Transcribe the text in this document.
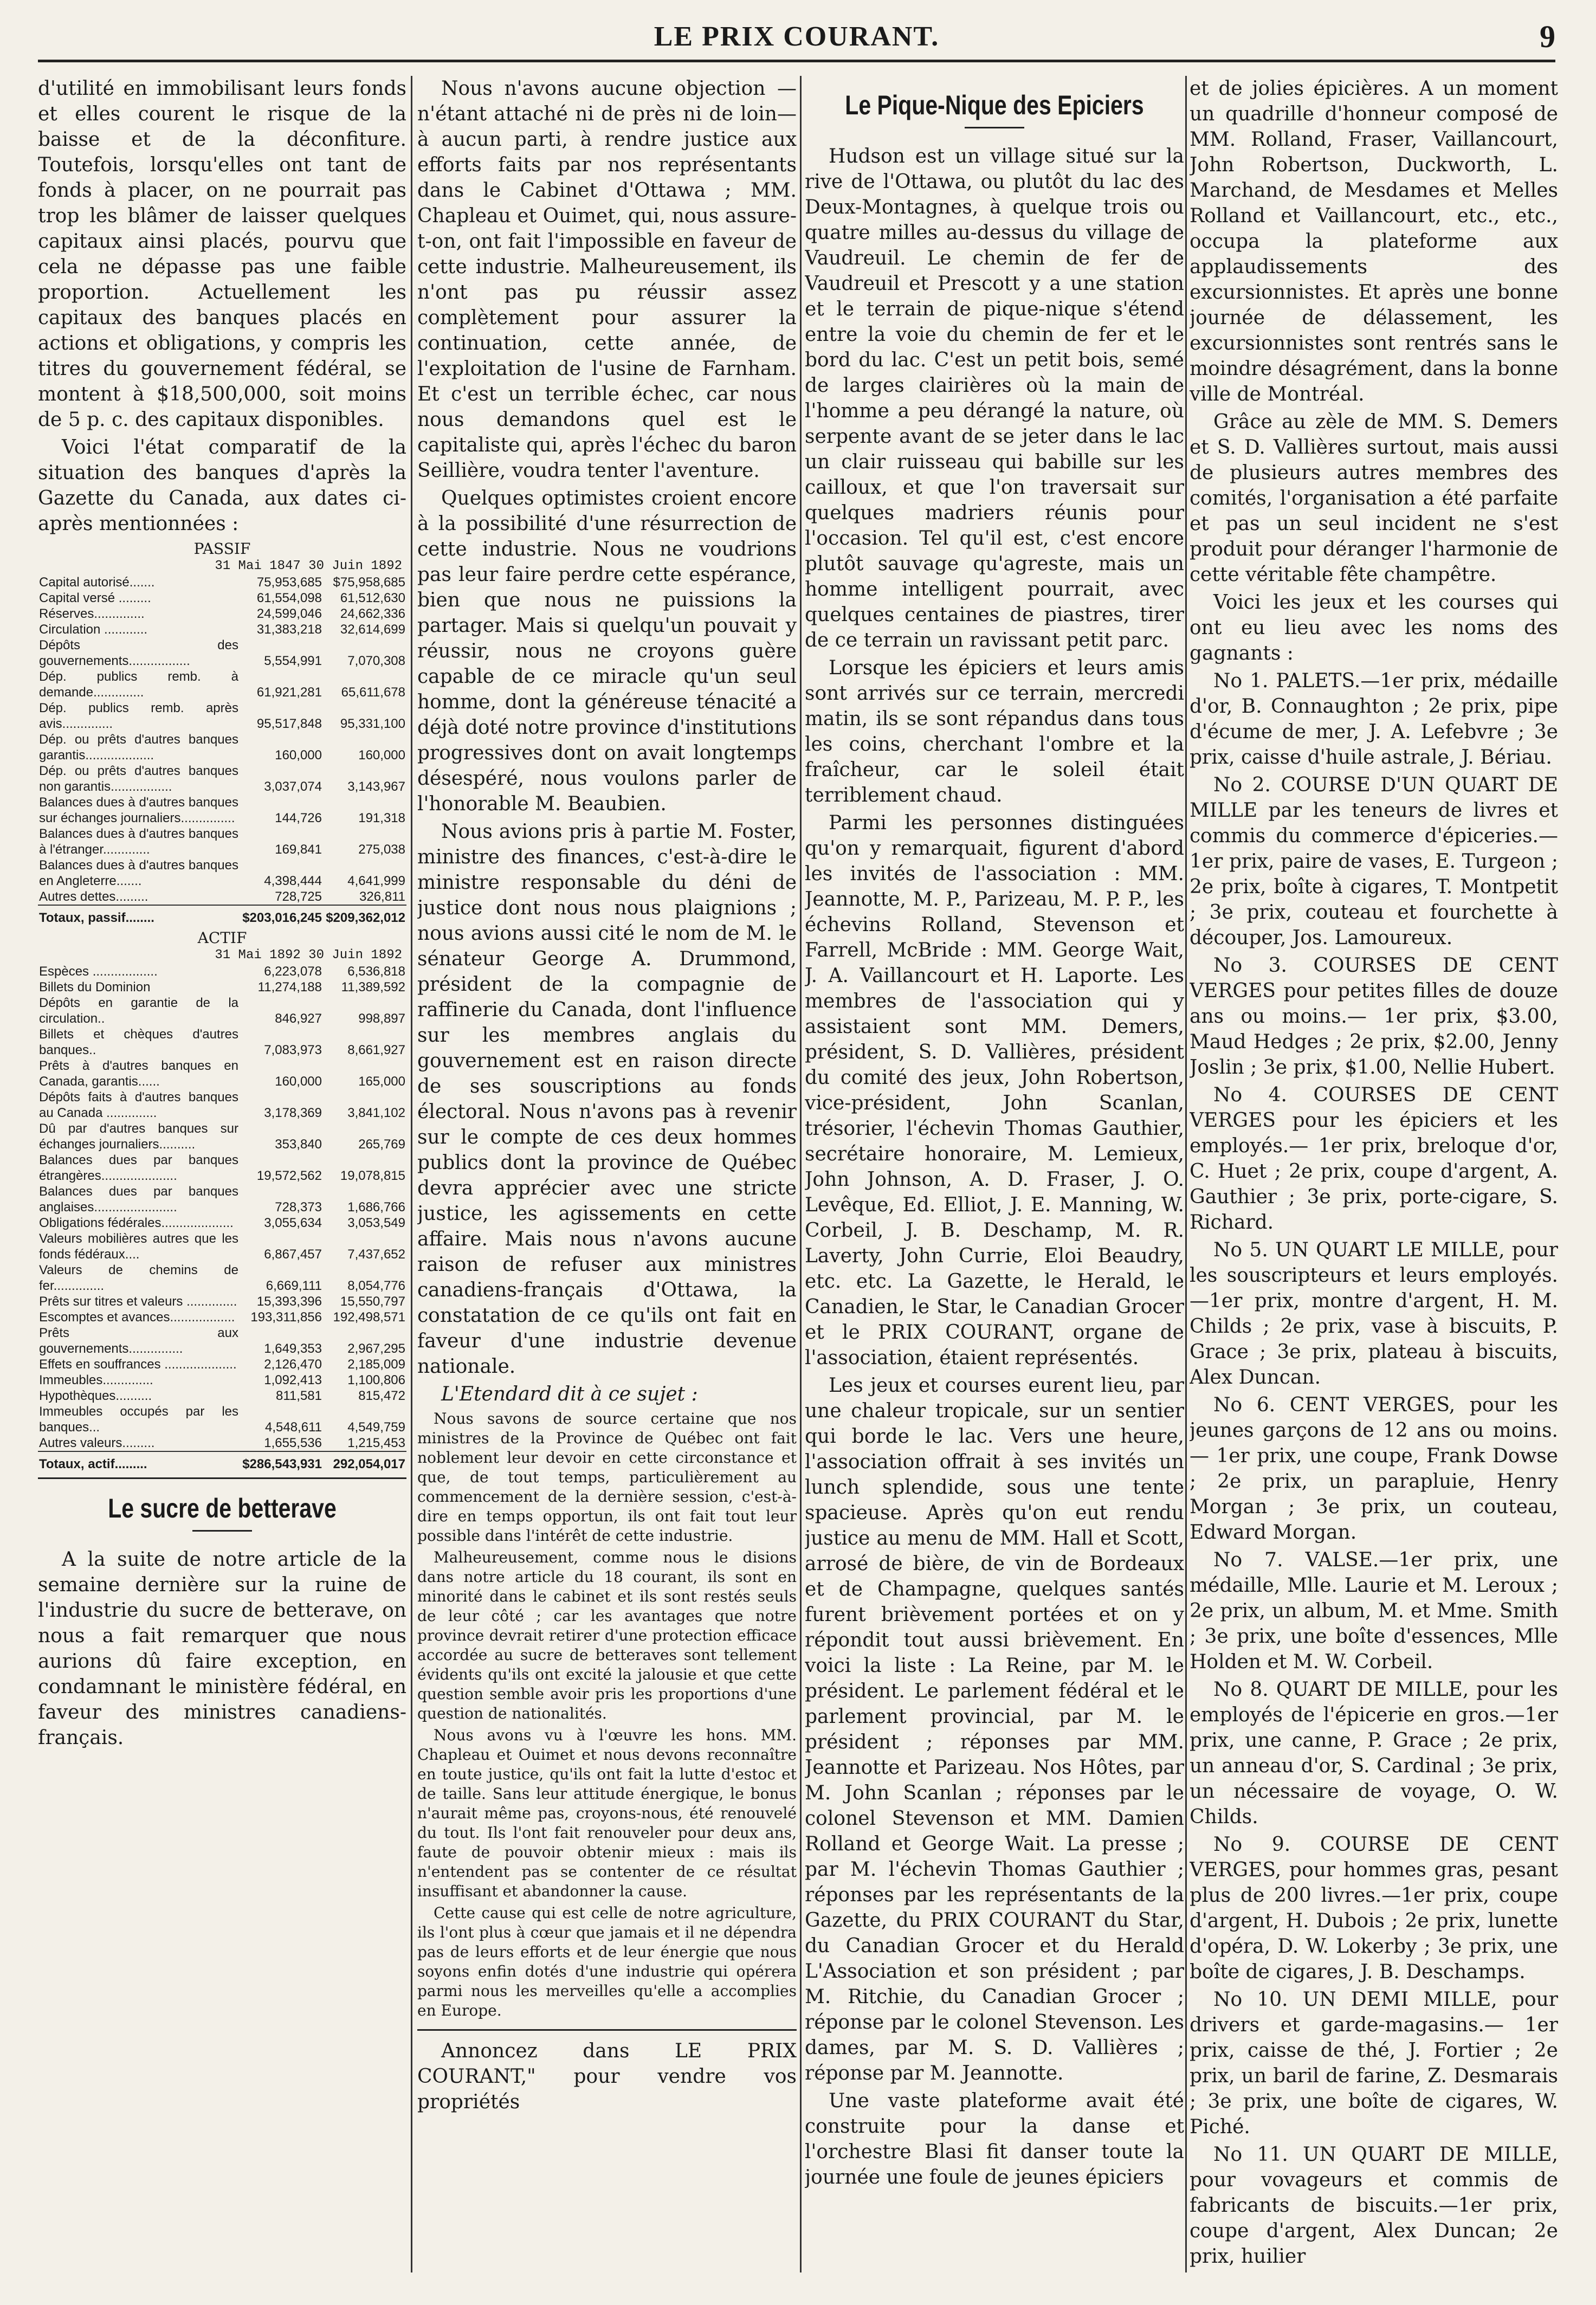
LE PRIX COURANT.	9

d'utilité en immobilisant leurs fonds et elles courent le risque de la baisse et de la déconfiture. Toutefois, lorsqu'elles ont tant de fonds à placer, on ne pourrait pas trop les blâmer de laisser quelques capitaux ainsi placés, pourvu que cela ne dépasse pas une faible proportion. Actuellement les capitaux des banques placés en actions et obligations, y compris les titres du gouvernement fédéral, se montent à $18,500,000, soit moins de 5 p. c. des capitaux disponibles.

Voici l'état comparatif de la situation des banques d'après la Gazette du Canada, aux dates ci-après mentionnées :

PASSIF
31 Mai 1847 30 Juin 1892
Capital autorisé.......	75,953,685	$75,958,685
Capital versé .........	61,554,098	61,512,630
Réserves..............	24,599,046	24,662,336
Circulation ............	31,383,218	32,614,699
Dépôts des gouvernements.................	5,554,991	7,070,308
Dép. publics remb. à demande..............	61,921,281	65,611,678
Dép. publics remb. après avis..............	95,517,848	95,331,100
Dép. ou prêts d'autres banques garantis...................	160,000	160,000
Dép. ou prêts d'autres banques non garantis.................	3,037,074	3,143,967
Balances dues à d'autres banques sur échanges journaliers...............	144,726	191,318
Balances dues à d'autres banques à l'étranger.............	169,841	275,038
Balances dues à d'autres banques en Angleterre.......	4,398,444	4,641,999
Autres dettes.........	728,725	326,811
Totaux, passif........	$203,016,245	$209,362,012
ACTIF
31 Mai 1892 30 Juin 1892
Espèces ..................	6,223,078	6,536,818
Billets du Dominion	11,274,188	11,389,592
Dépôts en garantie de la circulation..	846,927	998,897
Billets et chèques d'autres banques..	7,083,973	8,661,927
Prêts à d'autres banques en Canada, garantis......	160,000	165,000
Dépôts faits à d'autres banques au Canada ..............	3,178,369	3,841,102
Dû par d'autres banques sur échanges journaliers..........	353,840	265,769
Balances dues par banques étrangères.....................	19,572,562	19,078,815
Balances dues par banques anglaises.......................	728,373	1,686,766
Obligations fédérales....................	3,055,634	3,053,549
Valeurs mobilières autres que les fonds fédéraux....	6,867,457	7,437,652
Valeurs de chemins de fer..............	6,669,111	8,054,776
Prêts sur titres et valeurs ..............	15,393,396	15,550,797
Escomptes et avances..................	193,311,856	192,498,571
Prêts aux gouvernements...............	1,649,353	2,967,295
Effets en souffrances ....................	2,126,470	2,185,009
Immeubles..............	1,092,413	1,100,806
Hypothèques..........	811,581	815,472
Immeubles occupés par les banques...	4,548,611	4,549,759
Autres valeurs.........	1,655,536	1,215,453
Totaux, actif.........	$286,543,931	292,054,017
Le sucre de betterave

A la suite de notre article de la semaine dernière sur la ruine de l'industrie du sucre de betterave, on nous a fait remarquer que nous aurions dû faire exception, en condamnant le ministère fédéral, en faveur des ministres canadiens-français.

Nous n'avons aucune objection —n'étant attaché ni de près ni de loin—à aucun parti, à rendre justice aux efforts faits par nos représentants dans le Cabinet d'Ottawa ; MM. Chapleau et Ouimet, qui, nous assure-t-on, ont fait l'impossible en faveur de cette industrie. Malheureusement, ils n'ont pas pu réussir assez complètement pour assurer la continuation, cette année, de l'exploitation de l'usine de Farnham. Et c'est un terrible échec, car nous nous demandons quel est le capitaliste qui, après l'échec du baron Seillière, voudra tenter l'aventure.

Quelques optimistes croient encore à la possibilité d'une résurrection de cette industrie. Nous ne voudrions pas leur faire perdre cette espérance, bien que nous ne puissions la partager. Mais si quelqu'un pouvait y réussir, nous ne croyons guère capable de ce miracle qu'un seul homme, dont la généreuse ténacité a déjà doté notre province d'institutions progressives dont on avait longtemps désespéré, nous voulons parler de l'honorable M. Beaubien.

Nous avions pris à partie M. Foster, ministre des finances, c'est-à-dire le ministre responsable du déni de justice dont nous nous plaignions ; nous avions aussi cité le nom de M. le sénateur George A. Drummond, président de la compagnie de raffinerie du Canada, dont l'influence sur les membres anglais du gouvernement est en raison directe de ses souscriptions au fonds électoral. Nous n'avons pas à revenir sur le compte de ces deux hommes publics dont la province de Québec devra apprécier avec une stricte justice, les agissements en cette affaire. Mais nous n'avons aucune raison de refuser aux ministres canadiens-français d'Ottawa, la constatation de ce qu'ils ont fait en faveur d'une industrie devenue nationale.

L'Etendard dit à ce sujet :

Nous savons de source certaine que nos ministres de la Province de Québec ont fait noblement leur devoir en cette circonstance et que, de tout temps, particulièrement au commencement de la dernière session, c'est-à-dire en temps opportun, ils ont fait tout leur possible dans l'intérêt de cette industrie.

Malheureusement, comme nous le disions dans notre article du 18 courant, ils sont en minorité dans le cabinet et ils sont restés seuls de leur côté ; car les avantages que notre province devrait retirer d'une protection efficace accordée au sucre de betteraves sont tellement évidents qu'ils ont excité la jalousie et que cette question semble avoir pris les proportions d'une question de nationalités.

Nous avons vu à l'œuvre les hons. MM. Chapleau et Ouimet et nous devons reconnaître en toute justice, qu'ils ont fait la lutte d'estoc et de taille. Sans leur attitude énergique, le bonus n'aurait même pas, croyons-nous, été renouvelé du tout. Ils l'ont fait renouveler pour deux ans, faute de pouvoir obtenir mieux : mais ils n'entendent pas se contenter de ce résultat insuffisant et abandonner la cause.

Cette cause qui est celle de notre agriculture, ils l'ont plus à cœur que jamais et il ne dépendra pas de leurs efforts et de leur énergie que nous soyons enfin dotés d'une industrie qui opérera parmi nous les merveilles qu'elle a accomplies en Europe.

Annoncez dans LE PRIX COURANT," pour vendre vos propriétés

Le Pique-Nique des Epiciers

Hudson est un village situé sur la rive de l'Ottawa, ou plutôt du lac des Deux-Montagnes, à quelque trois ou quatre milles au-dessus du village de Vaudreuil. Le chemin de fer de Vaudreuil et Prescott y a une station et le terrain de pique-nique s'étend entre la voie du chemin de fer et le bord du lac. C'est un petit bois, semé de larges clairières où la main de l'homme a peu dérangé la nature, où serpente avant de se jeter dans le lac un clair ruisseau qui babille sur les cailloux, et que l'on traversait sur quelques madriers réunis pour l'occasion. Tel qu'il est, c'est encore plutôt sauvage qu'agreste, mais un homme intelligent pourrait, avec quelques centaines de piastres, tirer de ce terrain un ravissant petit parc.

Lorsque les épiciers et leurs amis sont arrivés sur ce terrain, mercredi matin, ils se sont répandus dans tous les coins, cherchant l'ombre et la fraîcheur, car le soleil était terriblement chaud.

Parmi les personnes distinguées qu'on y remarquait, figurent d'abord les invités de l'association : MM. Jeannotte, M. P., Parizeau, M. P. P., les échevins Rolland, Stevenson et Farrell, McBride : MM. George Wait, J. A. Vaillancourt et H. Laporte. Les membres de l'association qui y assistaient sont MM. Demers, président, S. D. Vallières, président du comité des jeux, John Robertson, vice-président, John Scanlan, trésorier, l'échevin Thomas Gauthier, secrétaire honoraire, M. Lemieux, John Johnson, A. D. Fraser, J. O. Levêque, Ed. Elliot, J. E. Manning, W. Corbeil, J. B. Deschamp, M. R. Laverty, John Currie, Eloi Beaudry, etc. etc. La Gazette, le Herald, le Canadien, le Star, le Canadian Grocer et le PRIX COURANT, organe de l'association, étaient représentés.

Les jeux et courses eurent lieu, par une chaleur tropicale, sur un sentier qui borde le lac. Vers une heure, l'association offrait à ses invités un lunch splendide, sous une tente spacieuse. Après qu'on eut rendu justice au menu de MM. Hall et Scott, arrosé de bière, de vin de Bordeaux et de Champagne, quelques santés furent brièvement portées et on y répondit tout aussi brièvement. En voici la liste : La Reine, par M. le président. Le parlement fédéral et le parlement provincial, par M. le président ; réponses par MM. Jeannotte et Parizeau. Nos Hôtes, par M. John Scanlan ; réponses par le colonel Stevenson et MM. Damien Rolland et George Wait. La presse ; par M. l'échevin Thomas Gauthier ; réponses par les représentants de la Gazette, du PRIX COURANT du Star, du Canadian Grocer et du Herald L'Association et son président ; par M. Ritchie, du Canadian Grocer ; réponse par le colonel Stevenson. Les dames, par M. S. D. Vallières ; réponse par M. Jeannotte.

Une vaste plateforme avait été construite pour la danse et l'orchestre Blasi fit danser toute la journée une foule de jeunes épiciers

et de jolies épicières. A un moment un quadrille d'honneur composé de MM. Rolland, Fraser, Vaillancourt, John Robertson, Duckworth, L. Marchand, de Mesdames et Melles Rolland et Vaillancourt, etc., etc., occupa la plateforme aux applaudissements des excursionnistes. Et après une bonne journée de délassement, les excursionnistes sont rentrés sans le moindre désagrément, dans la bonne ville de Montréal.

Grâce au zèle de MM. S. Demers et S. D. Vallières surtout, mais aussi de plusieurs autres membres des comités, l'organisation a été parfaite et pas un seul incident ne s'est produit pour déranger l'harmonie de cette véritable fête champêtre.

Voici les jeux et les courses qui ont eu lieu avec les noms des gagnants :

No 1. PALETS.—1er prix, médaille d'or, B. Connaughton ; 2e prix, pipe d'écume de mer, J. A. Lefebvre ; 3e prix, caisse d'huile astrale, J. Bériau.

No 2. COURSE D'UN QUART DE MILLE par les teneurs de livres et commis du commerce d'épiceries.—1er prix, paire de vases, E. Turgeon ; 2e prix, boîte à cigares, T. Montpetit ; 3e prix, couteau et fourchette à découper, Jos. Lamoureux.

No 3. COURSES DE CENT VERGES pour petites filles de douze ans ou moins.— 1er prix, $3.00, Maud Hedges ; 2e prix, $2.00, Jenny Joslin ; 3e prix, $1.00, Nellie Hubert.

No 4. COURSES DE CENT VERGES pour les épiciers et les employés.— 1er prix, breloque d'or, C. Huet ; 2e prix, coupe d'argent, A. Gauthier ; 3e prix, porte-cigare, S. Richard.

No 5. UN QUART LE MILLE, pour les souscripteurs et leurs employés. —1er prix, montre d'argent, H. M. Childs ; 2e prix, vase à biscuits, P. Grace ; 3e prix, plateau à biscuits, Alex Duncan.

No 6. CENT VERGES, pour les jeunes garçons de 12 ans ou moins.— 1er prix, une coupe, Frank Dowse ; 2e prix, un parapluie, Henry Morgan ; 3e prix, un couteau, Edward Morgan.

No 7. VALSE.—1er prix, une médaille, Mlle. Laurie et M. Leroux ; 2e prix, un album, M. et Mme. Smith ; 3e prix, une boîte d'essences, Mlle Holden et M. W. Corbeil.

No 8. QUART DE MILLE, pour les employés de l'épicerie en gros.—1er prix, une canne, P. Grace ; 2e prix, un anneau d'or, S. Cardinal ; 3e prix, un nécessaire de voyage, O. W. Childs.

No 9. COURSE DE CENT VERGES, pour hommes gras, pesant plus de 200 livres.—1er prix, coupe d'argent, H. Dubois ; 2e prix, lunette d'opéra, D. W. Lokerby ; 3e prix, une boîte de cigares, J. B. Deschamps.

No 10. UN DEMI MILLE, pour drivers et garde-magasins.— 1er prix, caisse de thé, J. Fortier ; 2e prix, un baril de farine, Z. Desmarais ; 3e prix, une boîte de cigares, W. Piché.

No 11. UN QUART DE MILLE, pour vovageurs et commis de fabricants de biscuits.—1er prix, coupe d'argent, Alex Duncan; 2e prix, huilier
